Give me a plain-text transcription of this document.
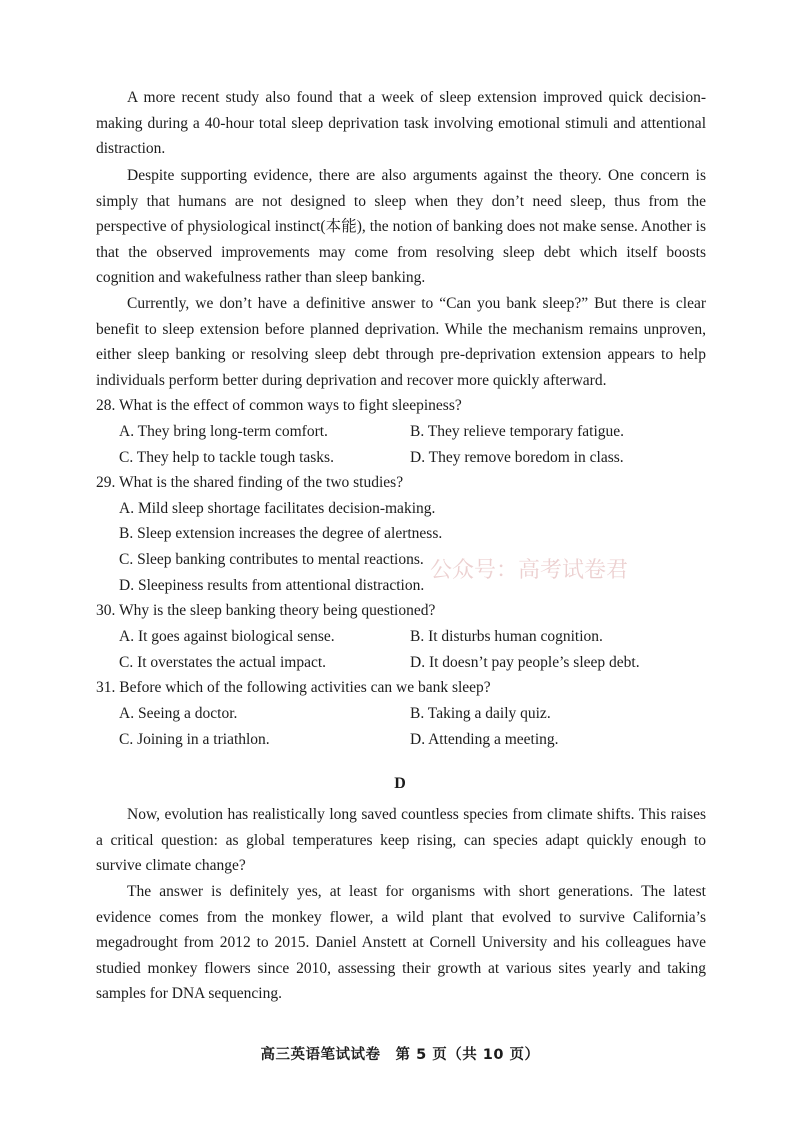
A more recent study also found that a week of sleep extension improved quick decision-making during a 40-hour total sleep deprivation task involving emotional stimuli and attentional distraction.

Despite supporting evidence, there are also arguments against the theory. One concern is simply that humans are not designed to sleep when they don’t need sleep, thus from the perspective of physiological instinct(本能), the notion of banking does not make sense. Another is that the observed improvements may come from resolving sleep debt which itself boosts cognition and wakefulness rather than sleep banking.

Currently, we don’t have a definitive answer to “Can you bank sleep?” But there is clear benefit to sleep extension before planned deprivation. While the mechanism remains unproven, either sleep banking or resolving sleep debt through pre-deprivation extension appears to help individuals perform better during deprivation and recover more quickly afterward.

28. What is the effect of common ways to fight sleepiness?

A. They bring long-term comfort.	B. They relieve temporary fatigue.

C. They help to tackle tough tasks.	D. They remove boredom in class.

29. What is the shared finding of the two studies?

A. Mild sleep shortage facilitates decision-making.

B. Sleep extension increases the degree of alertness.

C. Sleep banking contributes to mental reactions.

D. Sleepiness results from attentional distraction.

30. Why is the sleep banking theory being questioned?

A. It goes against biological sense.	B. It disturbs human cognition.

C. It overstates the actual impact.	D. It doesn’t pay people’s sleep debt.

31. Before which of the following activities can we bank sleep?

A. Seeing a doctor.	B. Taking a daily quiz.

C. Joining in a triathlon.	D. Attending a meeting.

D

Now, evolution has realistically long saved countless species from climate shifts. This raises a critical question: as global temperatures keep rising, can species adapt quickly enough to survive climate change?

The answer is definitely yes, at least for organisms with short generations. The latest evidence comes from the monkey flower, a wild plant that evolved to survive California’s megadrought from 2012 to 2015. Daniel Anstett at Cornell University and his colleagues have studied monkey flowers since 2010, assessing their growth at various sites yearly and taking samples for DNA sequencing.

公众号：高考试卷君
高三英语笔试试卷　第 5 页（共 10 页）
